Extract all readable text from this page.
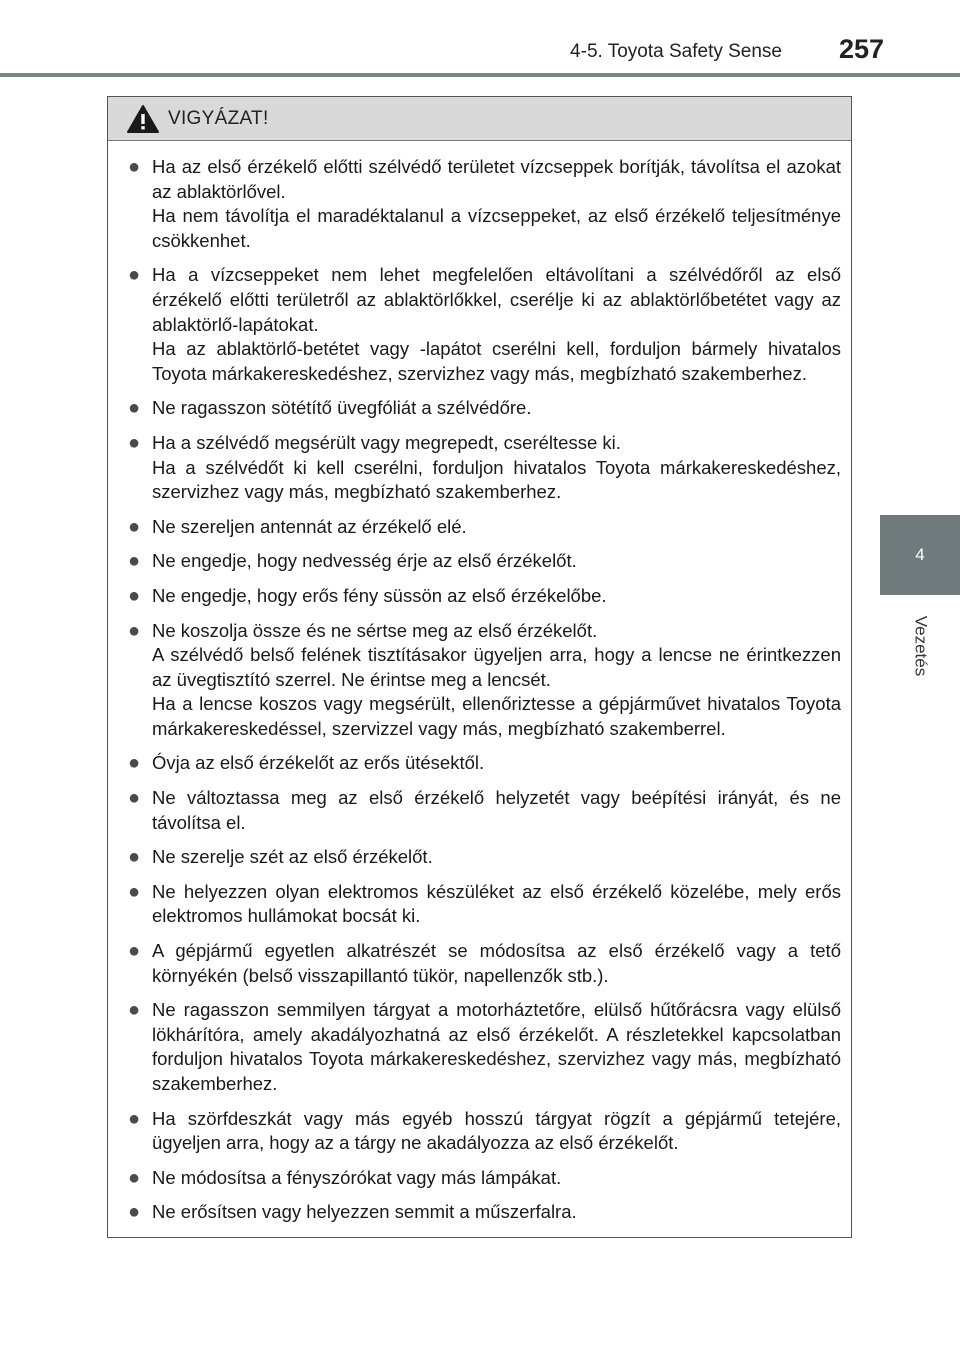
4-5. Toyota Safety Sense 257
4
Vezetés
VIGYÁZAT!
● Ha az első érzékelő előtti szélvédő területet vízcseppek borítják, távolítsa el azokat az ablaktörlővel.

Ha nem távolítja el maradéktalanul a vízcseppeket, az első érzékelő teljesítménye csökkenhet.

● Ha a vízcseppeket nem lehet megfelelően eltávolítani a szélvédőről az első érzékelő előtti területről az ablaktörlőkkel, cserélje ki az ablaktörlőbetétet vagy az ablaktörlő-lapátokat.

Ha az ablaktörlő-betétet vagy -lapátot cserélni kell, forduljon bármely hivatalos Toyota márkakereskedéshez, szervizhez vagy más, megbízható szakemberhez.

● Ne ragasszon sötétítő üvegfóliát a szélvédőre.

● Ha a szélvédő megsérült vagy megrepedt, cseréltesse ki.

Ha a szélvédőt ki kell cserélni, forduljon hivatalos Toyota márkakereskedéshez, szervizhez vagy más, megbízható szakemberhez.

● Ne szereljen antennát az érzékelő elé.

● Ne engedje, hogy nedvesség érje az első érzékelőt.

● Ne engedje, hogy erős fény süssön az első érzékelőbe.

● Ne koszolja össze és ne sértse meg az első érzékelőt.

A szélvédő belső felének tisztításakor ügyeljen arra, hogy a lencse ne érintkezzen az üvegtisztító szerrel. Ne érintse meg a lencsét.

Ha a lencse koszos vagy megsérült, ellenőriztesse a gépjárművet hivatalos Toyota márkakereskedéssel, szervizzel vagy más, megbízható szakemberrel.

● Óvja az első érzékelőt az erős ütésektől.

● Ne változtassa meg az első érzékelő helyzetét vagy beépítési irányát, és ne távolítsa el.

● Ne szerelje szét az első érzékelőt.

● Ne helyezzen olyan elektromos készüléket az első érzékelő közelébe, mely erős elektromos hullámokat bocsát ki.

● A gépjármű egyetlen alkatrészét se módosítsa az első érzékelő vagy a tető környékén (belső visszapillantó tükör, napellenzők stb.).

● Ne ragasszon semmilyen tárgyat a motorháztetőre, elülső hűtőrácsra vagy elülső lökhárítóra, amely akadályozhatná az első érzékelőt. A részletekkel kapcsolatban forduljon hivatalos Toyota márkakereskedéshez, szervizhez vagy más, megbízható szakemberhez.

● Ha szörfdeszkát vagy más egyéb hosszú tárgyat rögzít a gépjármű tetejére, ügyeljen arra, hogy az a tárgy ne akadályozza az első érzékelőt.

● Ne módosítsa a fényszórókat vagy más lámpákat.

● Ne erősítsen vagy helyezzen semmit a műszerfalra.
